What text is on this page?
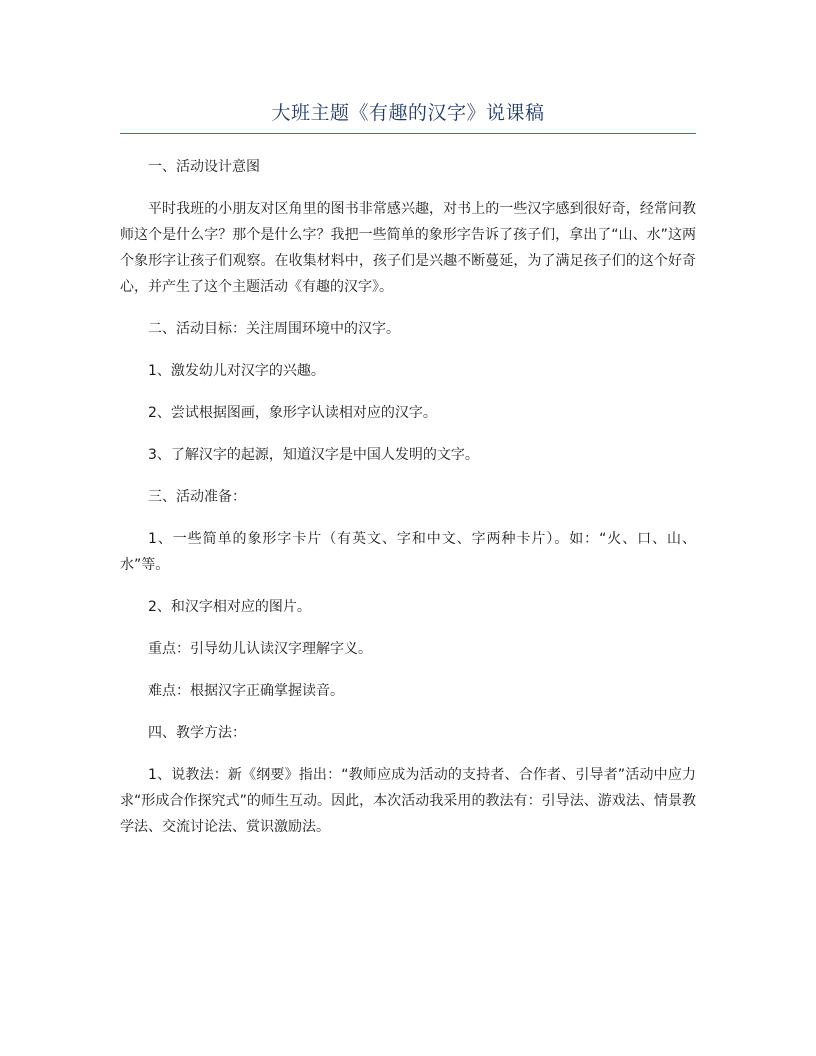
大班主题《有趣的汉字》说课稿

一、活动设计意图

平时我班的小朋友对区角里的图书非常感兴趣，对书上的一些汉字感到很好奇，经常问教师这个是什么字？那个是什么字？我把一些简单的象形字告诉了孩子们，拿出了“山、水”这两个象形字让孩子们观察。在收集材料中，孩子们是兴趣不断蔓延，为了满足孩子们的这个好奇心，并产生了这个主题活动《有趣的汉字》。

二、活动目标：关注周围环境中的汉字。

1、激发幼儿对汉字的兴趣。

2、尝试根据图画，象形字认读相对应的汉字。

3、了解汉字的起源，知道汉字是中国人发明的文字。

三、活动准备：

1、一些简单的象形字卡片（有英文、字和中文、字两种卡片）。如：“火、口、山、水”等。

2、和汉字相对应的图片。

重点：引导幼儿认读汉字理解字义。

难点：根据汉字正确掌握读音。

四、教学方法：

1、说教法：新《纲要》指出：“教师应成为活动的支持者、合作者、引导者”活动中应力求“形成合作探究式”的师生互动。因此，本次活动我采用的教法有：引导法、游戏法、情景教学法、交流讨论法、赏识激励法。
